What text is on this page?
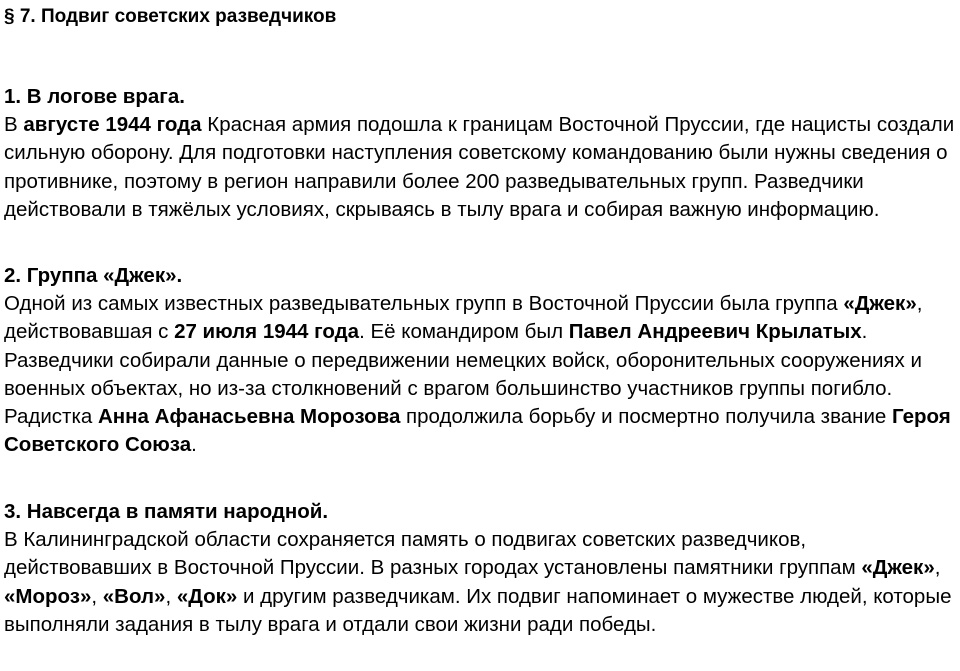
§ 7. Подвиг советских разведчиков
1. В логове врага.

В августе 1944 года Красная армия подошла к границам Восточной Пруссии, где нацисты создали сильную оборону. Для подготовки наступления советскому командованию были нужны сведения о противнике, поэтому в регион направили более 200 разведывательных групп. Разведчики действовали в тяжёлых условиях, скрываясь в тылу врага и собирая важную информацию.

2. Группа «Джек».

Одной из самых известных разведывательных групп в Восточной Пруссии была группа «Джек», действовавшая с 27 июля 1944 года. Её командиром был Павел Андреевич Крылатых. Разведчики собирали данные о передвижении немецких войск, оборонительных сооружениях и военных объектах, но из-за столкновений с врагом большинство участников группы погибло. Радистка Анна Афанасьевна Морозова продолжила борьбу и посмертно получила звание Героя Советского Союза.

3. Навсегда в памяти народной.

В Калининградской области сохраняется память о подвигах советских разведчиков, действовавших в Восточной Пруссии. В разных городах установлены памятники группам «Джек», «Мороз», «Вол», «Док» и другим разведчикам. Их подвиг напоминает о мужестве людей, которые выполняли задания в тылу врага и отдали свои жизни ради победы.
